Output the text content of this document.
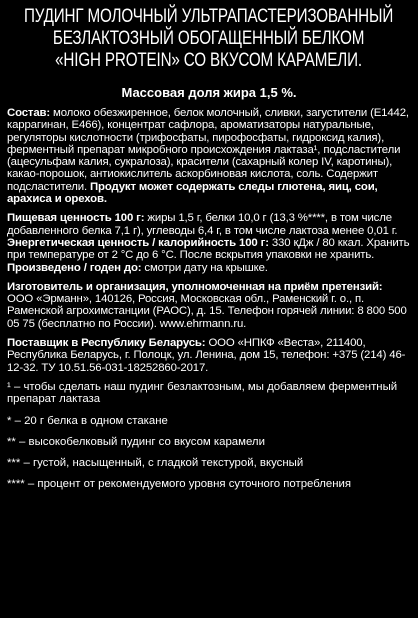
ПУДИНГ МОЛОЧНЫЙ УЛЬТРАПАСТЕРИЗОВАННЫЙ
БЕЗЛАКТОЗНЫЙ ОБОГАЩЕННЫЙ БЕЛКОМ
«HIGH PROTEIN» СО ВКУСОМ КАРАМЕЛИ.
Массовая доля жира 1,5 %.
Состав: молоко обезжиренное, белок молочный, сливки, загустители (E1442, каррагинан, E466), концентрат сафлора, ароматизаторы натуральные, регуляторы кислотности (трифосфаты, пирофосфаты, гидроксид калия), ферментный препарат микробного происхождения лактаза¹, подсластители (ацесульфам калия, сукралоза), красители (сахарный колер IV, каротины), какао-порошок, антиокислитель аскорбиновая кислота, соль. Содержит подсластители. Продукт может содержать следы глютена, яиц, сои, арахиса и орехов.
Пищевая ценность 100 г: жиры 1,5 г, белки 10,0 г (13,3 %****, в том числе добавленного белка 7,1 г), углеводы 6,4 г, в том числе лактоза менее 0,01 г. Энергетическая ценность / калорийность 100 г: 330 кДж / 80 ккал. Хранить при температуре от 2 °С до 6 °С. После вскрытия упаковки не хранить. Произведено / годен до: смотри дату на крышке.
Изготовитель и организация, уполномоченная на приём претензий: ООО «Эрманн», 140126, Россия, Московская обл., Раменский г. о., п. Раменской агрохимстанции (РАОС), д. 15. Телефон горячей линии: 8 800 500 05 75 (бесплатно по России). www.ehrmann.ru.
Поставщик в Республику Беларусь: ООО «НПКФ «Веста», 211400, Республика Беларусь, г. Полоцк, ул. Ленина, дом 15, телефон: +375 (214) 46-12-32. ТУ 10.51.56-031-18252860-2017.
¹ – чтобы сделать наш пудинг безлактозным, мы добавляем ферментный препарат лактаза
* – 20 г белка в одном стакане
** – высокобелковый пудинг со вкусом карамели
*** – густой, насыщенный, с гладкой текстурой, вкусный
**** – процент от рекомендуемого уровня суточного потребления
